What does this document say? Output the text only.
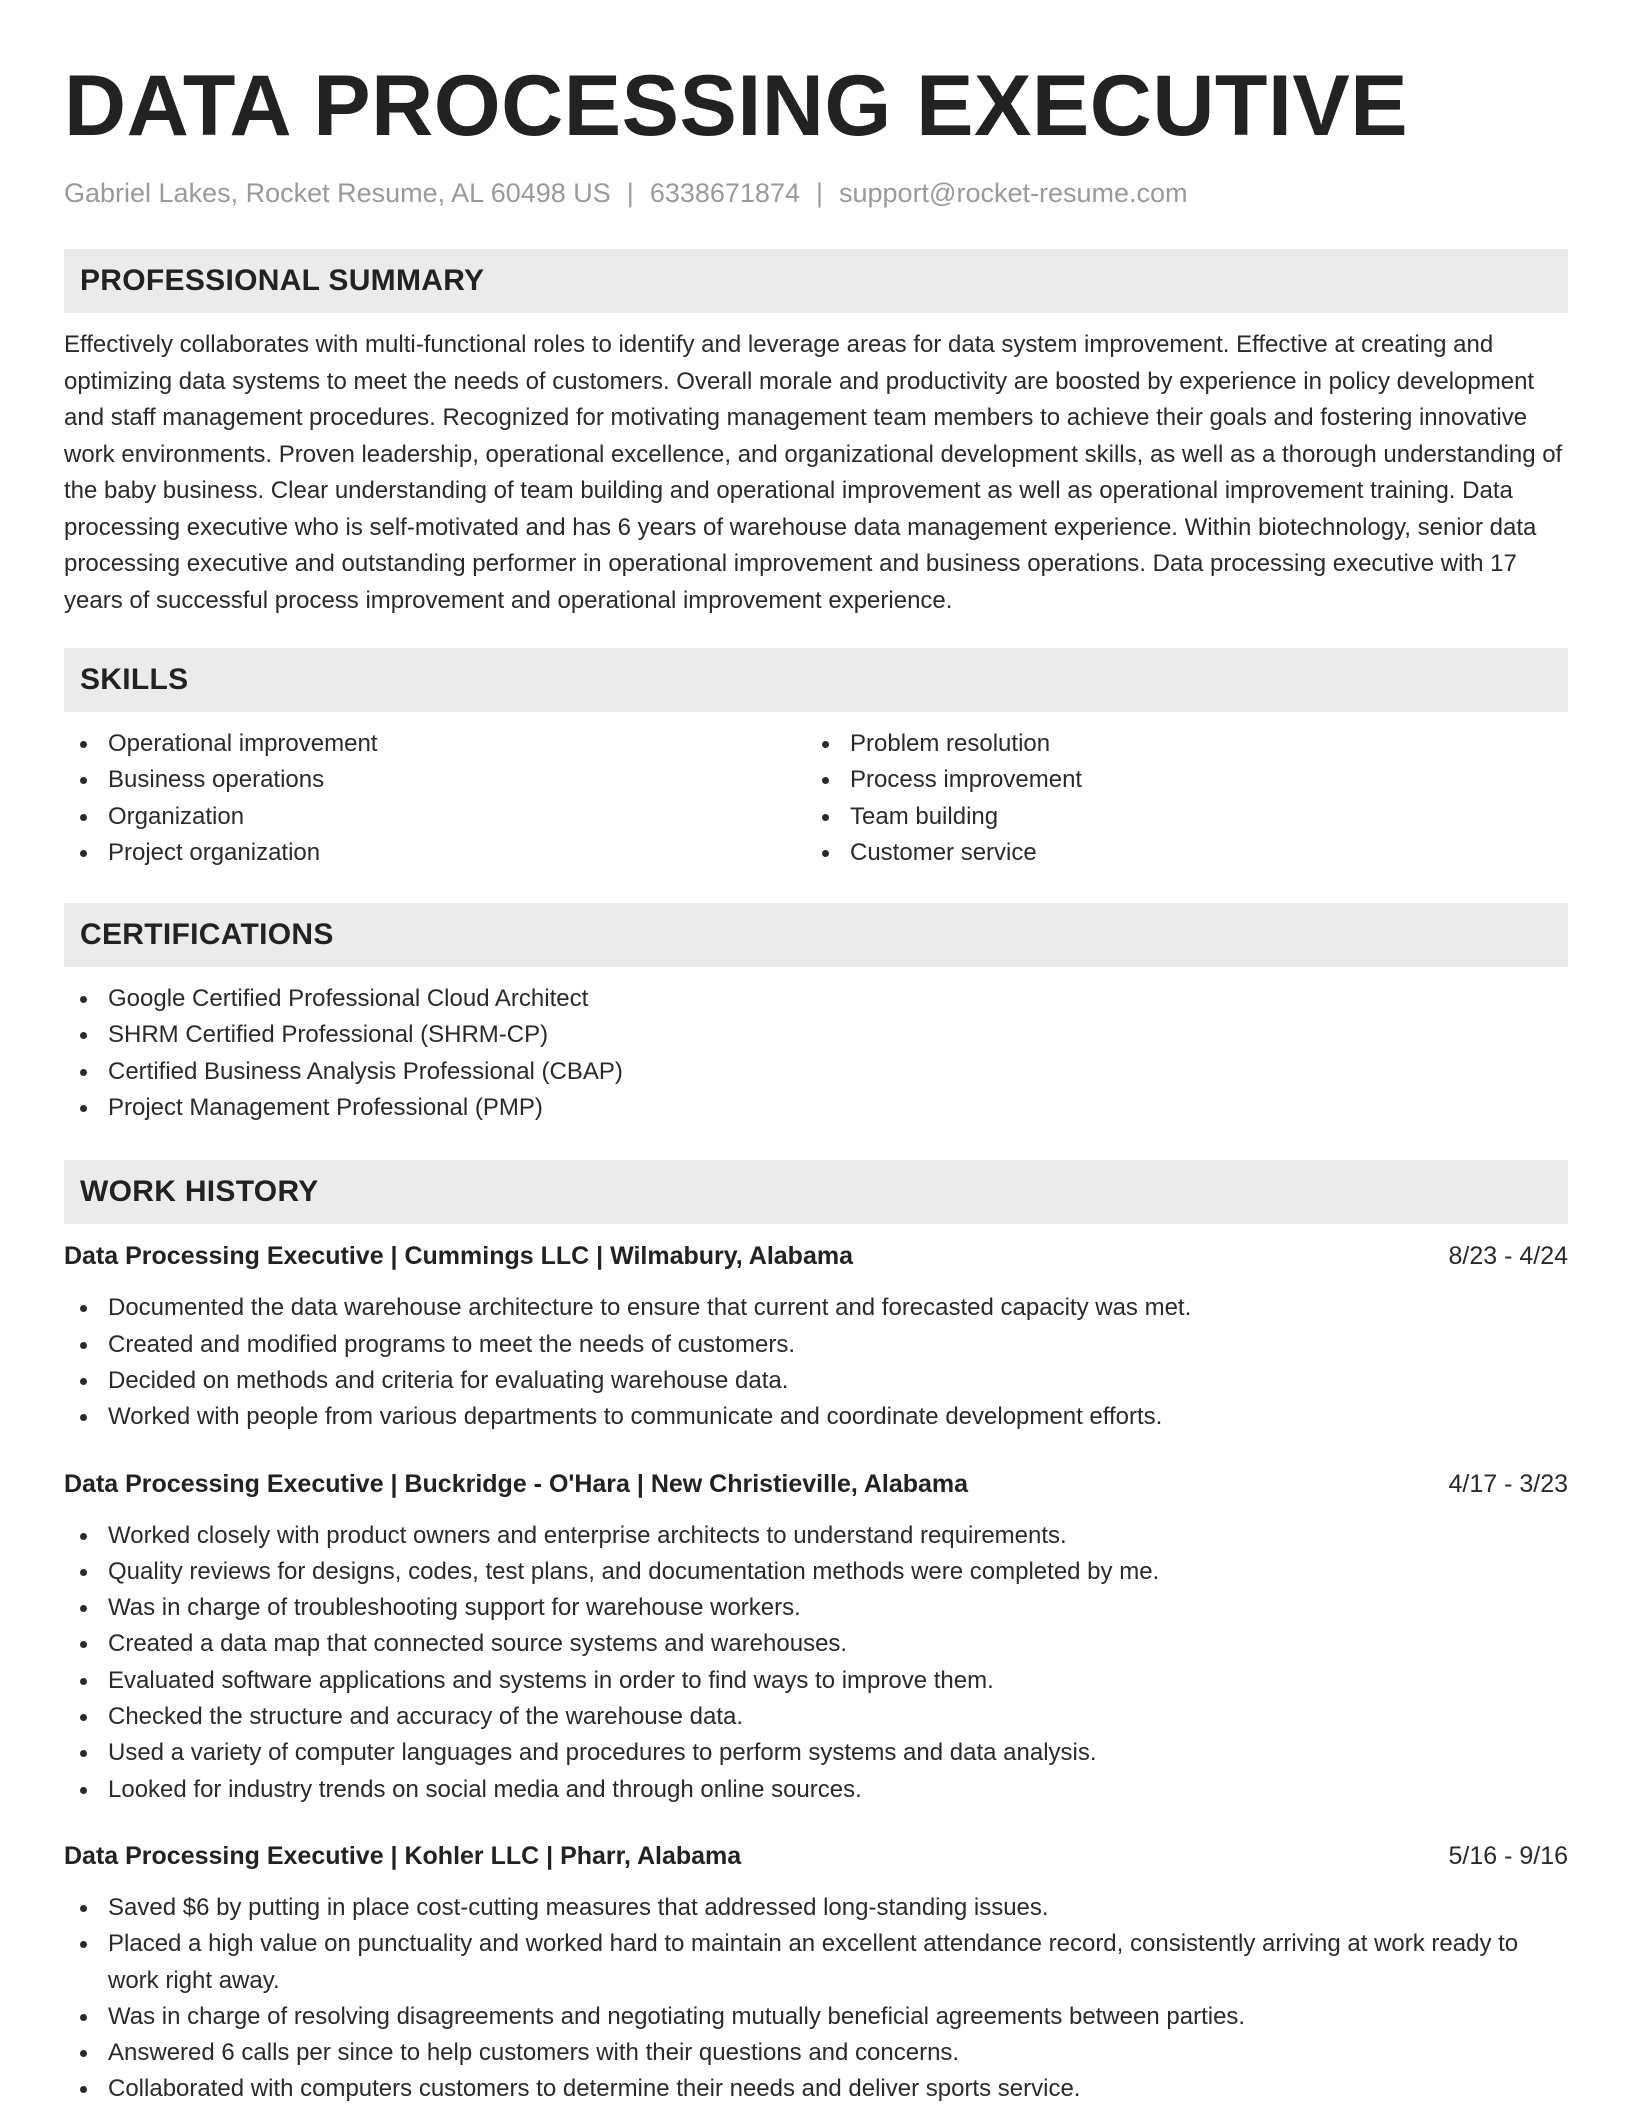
DATA PROCESSING EXECUTIVE
Gabriel Lakes, Rocket Resume, AL 60498 US | 6338671874 | support@rocket-resume.com
PROFESSIONAL SUMMARY

Effectively collaborates with multi-functional roles to identify and leverage areas for data system improvement. Effective at creating and optimizing data systems to meet the needs of customers. Overall morale and productivity are boosted by experience in policy development and staff management procedures. Recognized for motivating management team members to achieve their goals and fostering innovative work environments. Proven leadership, operational excellence, and organizational development skills, as well as a thorough understanding of the baby business. Clear understanding of team building and operational improvement as well as operational improvement training. Data processing executive who is self-motivated and has 6 years of warehouse data management experience. Within biotechnology, senior data processing executive and outstanding performer in operational improvement and business operations. Data processing executive with 17 years of successful process improvement and operational improvement experience.

SKILLS
Operational improvement
Business operations
Organization
Project organization
Problem resolution
Process improvement
Team building
Customer service
CERTIFICATIONS
Google Certified Professional Cloud Architect
SHRM Certified Professional (SHRM-CP)
Certified Business Analysis Professional (CBAP)
Project Management Professional (PMP)
WORK HISTORY
Data Processing Executive | Cummings LLC | Wilmabury, Alabama	8/23 - 4/24
Documented the data warehouse architecture to ensure that current and forecasted capacity was met.
Created and modified programs to meet the needs of customers.
Decided on methods and criteria for evaluating warehouse data.
Worked with people from various departments to communicate and coordinate development efforts.
Data Processing Executive | Buckridge - O'Hara | New Christieville, Alabama	4/17 - 3/23
Worked closely with product owners and enterprise architects to understand requirements.
Quality reviews for designs, codes, test plans, and documentation methods were completed by me.
Was in charge of troubleshooting support for warehouse workers.
Created a data map that connected source systems and warehouses.
Evaluated software applications and systems in order to find ways to improve them.
Checked the structure and accuracy of the warehouse data.
Used a variety of computer languages and procedures to perform systems and data analysis.
Looked for industry trends on social media and through online sources.
Data Processing Executive | Kohler LLC | Pharr, Alabama	5/16 - 9/16
Saved $6 by putting in place cost-cutting measures that addressed long-standing issues.
Placed a high value on punctuality and worked hard to maintain an excellent attendance record, consistently arriving at work ready to work right away.
Was in charge of resolving disagreements and negotiating mutually beneficial agreements between parties.
Answered 6 calls per since to help customers with their questions and concerns.
Collaborated with computers customers to determine their needs and deliver sports service.
